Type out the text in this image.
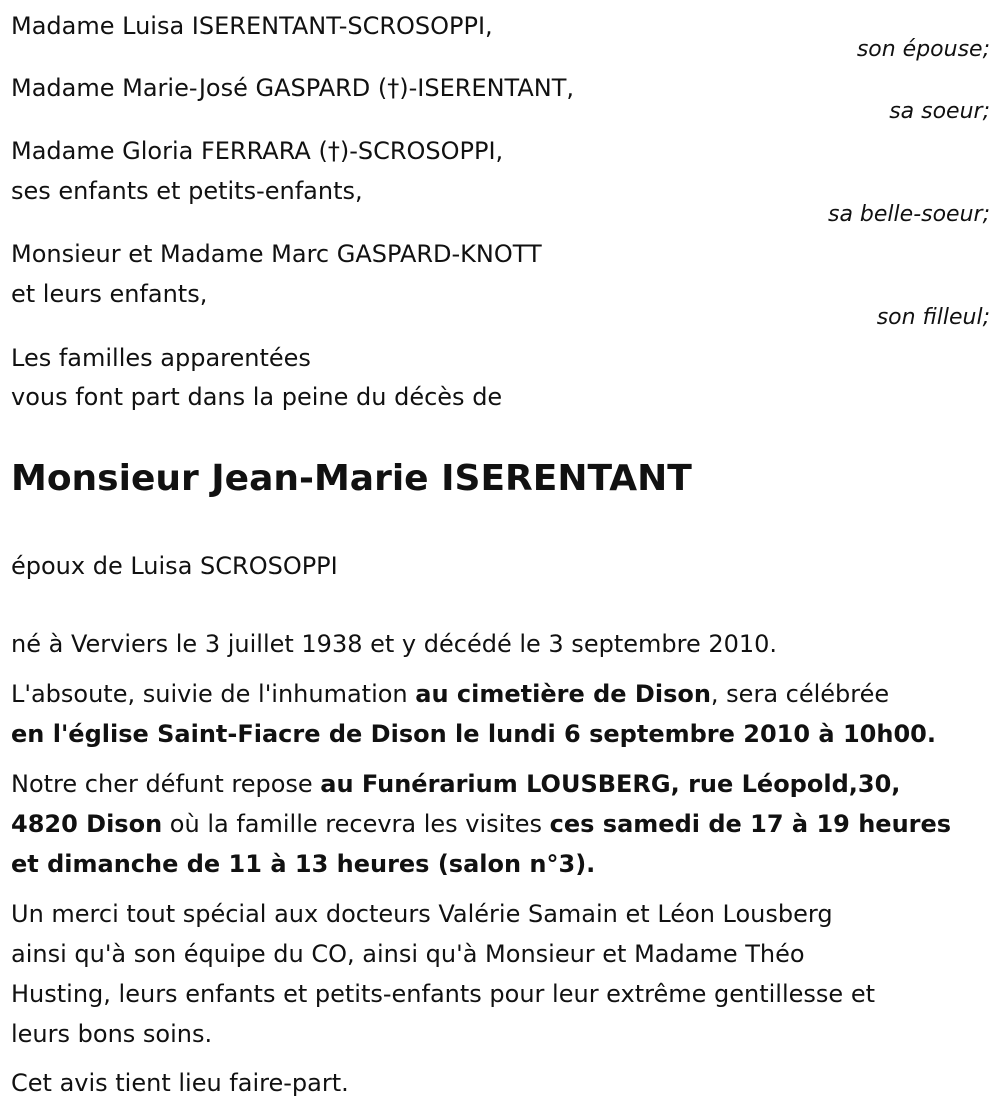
Madame Luisa ISERENTANT-SCROSOPPI,

son épouse;

Madame Marie-José GASPARD (†)-ISERENTANT,

sa soeur;

Madame Gloria FERRARA (†)-SCROSOPPI,

ses enfants et petits-enfants,

sa belle-soeur;

Monsieur et Madame Marc GASPARD-KNOTT

et leurs enfants,

son filleul;

Les familles apparentées

vous font part dans la peine du décès de

Monsieur Jean-Marie ISERENTANT

époux de Luisa SCROSOPPI

né à Verviers le 3 juillet 1938 et y décédé le 3 septembre 2010.

L'absoute, suivie de l'inhumation au cimetière de Dison, sera célébrée

en l'église Saint-Fiacre de Dison le lundi 6 septembre 2010 à 10h00.

Notre cher défunt repose au Funérarium LOUSBERG, rue Léopold,30,

4820 Dison où la famille recevra les visites ces samedi de 17 à 19 heures

et dimanche de 11 à 13 heures (salon n°3).

Un merci tout spécial aux docteurs Valérie Samain et Léon Lousberg

ainsi qu'à son équipe du CO, ainsi qu'à Monsieur et Madame Théo

Husting, leurs enfants et petits-enfants pour leur extrême gentillesse et

leurs bons soins.

Cet avis tient lieu faire-part.
